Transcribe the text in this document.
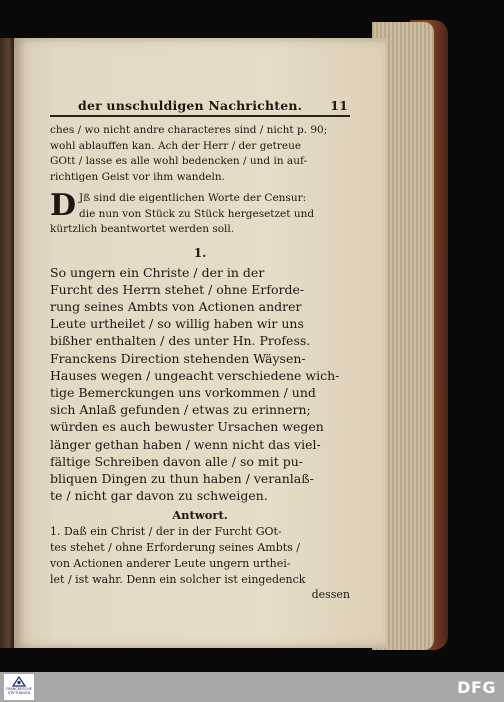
der unschuldigen Nachrichten. 11

ches / wo nicht andre characteres sind / nicht p. 90;

wohl ablauffen kan. Ach der Herr / der getreue

GOtt / lasse es alle wohl bedencken / und in auf-

richtigen Geist vor ihm wandeln.

D Jß sind die eigentlichen Worte der Censur:

die nun von Stück zu Stück hergesetzet und

kürtzlich beantwortet werden soll.

1.

So ungern ein Christe / der in der

Furcht des Herrn stehet / ohne Erforde-

rung seines Ambts von Actionen andrer

Leute urtheilet / so willig haben wir uns

bißher enthalten / des unter Hn. Profess.

Franckens Direction stehenden Wäysen-

Hauses wegen / ungeacht verschiedene wich-

tige Bemerckungen uns vorkommen / und

sich Anlaß gefunden / etwas zu erinnern;

würden es auch bewuster Ursachen wegen

länger gethan haben / wenn nicht das viel-

fältige Schreiben davon alle / so mit pu-

bliquen Dingen zu thun haben / veranlaß-

te / nicht gar davon zu schweigen.

Antwort.

1. Daß ein Christ / der in der Furcht GOt-

tes stehet / ohne Erforderung seines Ambts /

von Actionen anderer Leute ungern urthei-

let / ist wahr. Denn ein solcher ist eingedenck

dessen
FRANCKESCHE
STIFTUNGEN	DFG
